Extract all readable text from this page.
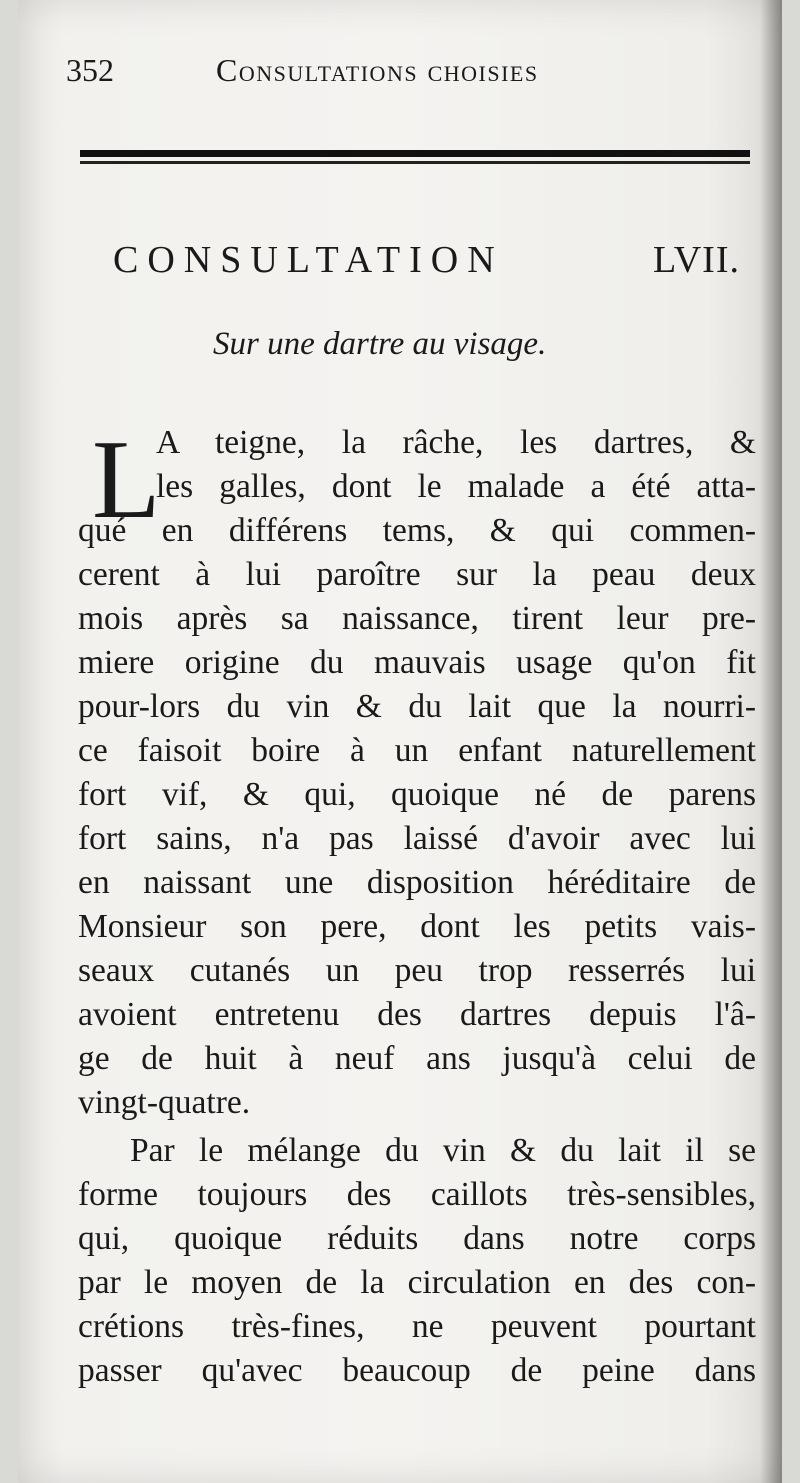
352	Consultations choisies
CONSULTATION	LVII.
Sur une dartre au visage.
L
A teigne, la râche, les dartres, &
les galles, dont le malade a été atta-
qué en différens tems, & qui commen-
cerent à lui paroître sur la peau deux
mois après sa naissance, tirent leur pre-
miere origine du mauvais usage qu'on fit
pour-lors du vin & du lait que la nourri-
ce faisoit boire à un enfant naturellement
fort vif, & qui, quoique né de parens
fort sains, n'a pas laissé d'avoir avec lui
en naissant une disposition héréditaire de
Monsieur son pere, dont les petits vais-
seaux cutanés un peu trop resserrés lui
avoient entretenu des dartres depuis l'â-
ge de huit à neuf ans jusqu'à celui de
vingt-quatre.
Par le mélange du vin & du lait il se
forme toujours des caillots très-sensibles,
qui, quoique réduits dans notre corps
par le moyen de la circulation en des con-
crétions très-fines, ne peuvent pourtant
passer qu'avec beaucoup de peine dans
